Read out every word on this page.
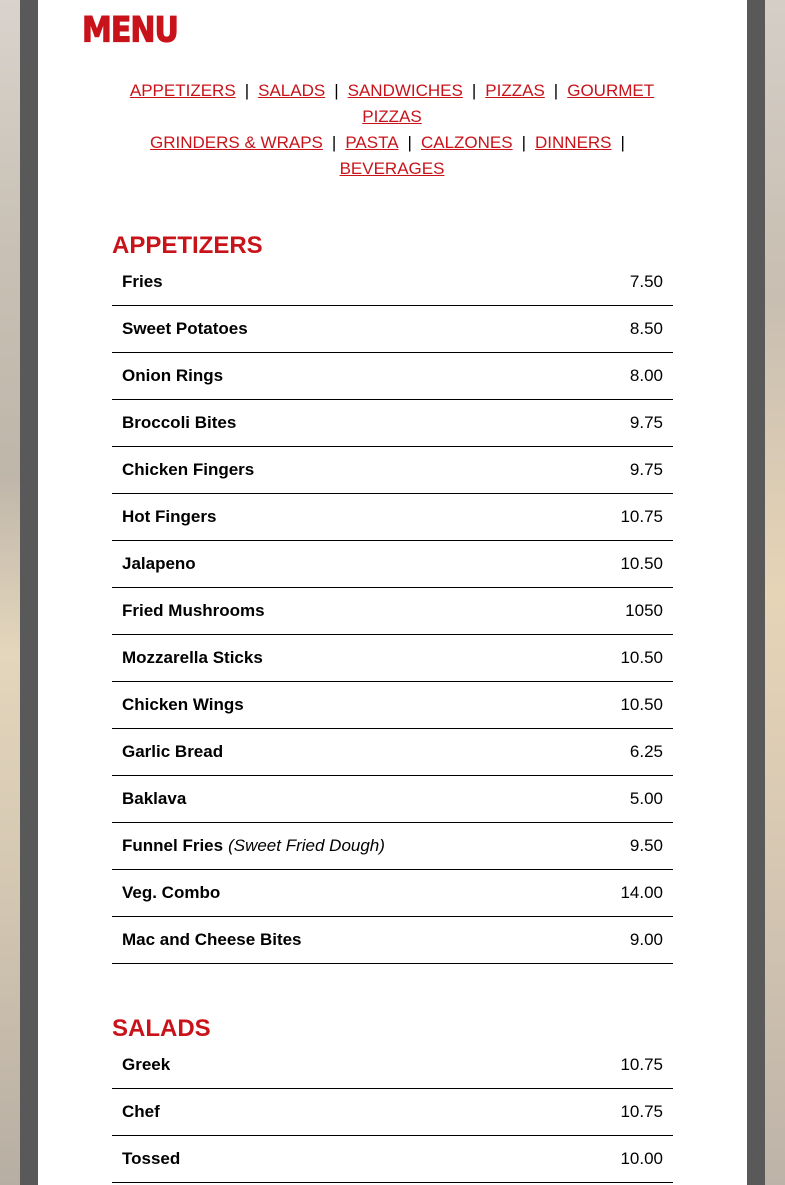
MENU
APPETIZERS | SALADS | SANDWICHES | PIZZAS | GOURMET PIZZAS
GRINDERS & WRAPS | PASTA | CALZONES | DINNERS |
BEVERAGES
APPETIZERS
Fries	7.50
Sweet Potatoes	8.50
Onion Rings	8.00
Broccoli Bites	9.75
Chicken Fingers	9.75
Hot Fingers	10.75
Jalapeno	10.50
Fried Mushrooms	1050
Mozzarella Sticks	10.50
Chicken Wings	10.50
Garlic Bread	6.25
Baklava	5.00
Funnel Fries (Sweet Fried Dough)	9.50
Veg. Combo	14.00
Mac and Cheese Bites	9.00
SALADS
Greek	10.75
Chef	10.75
Tossed	10.00
